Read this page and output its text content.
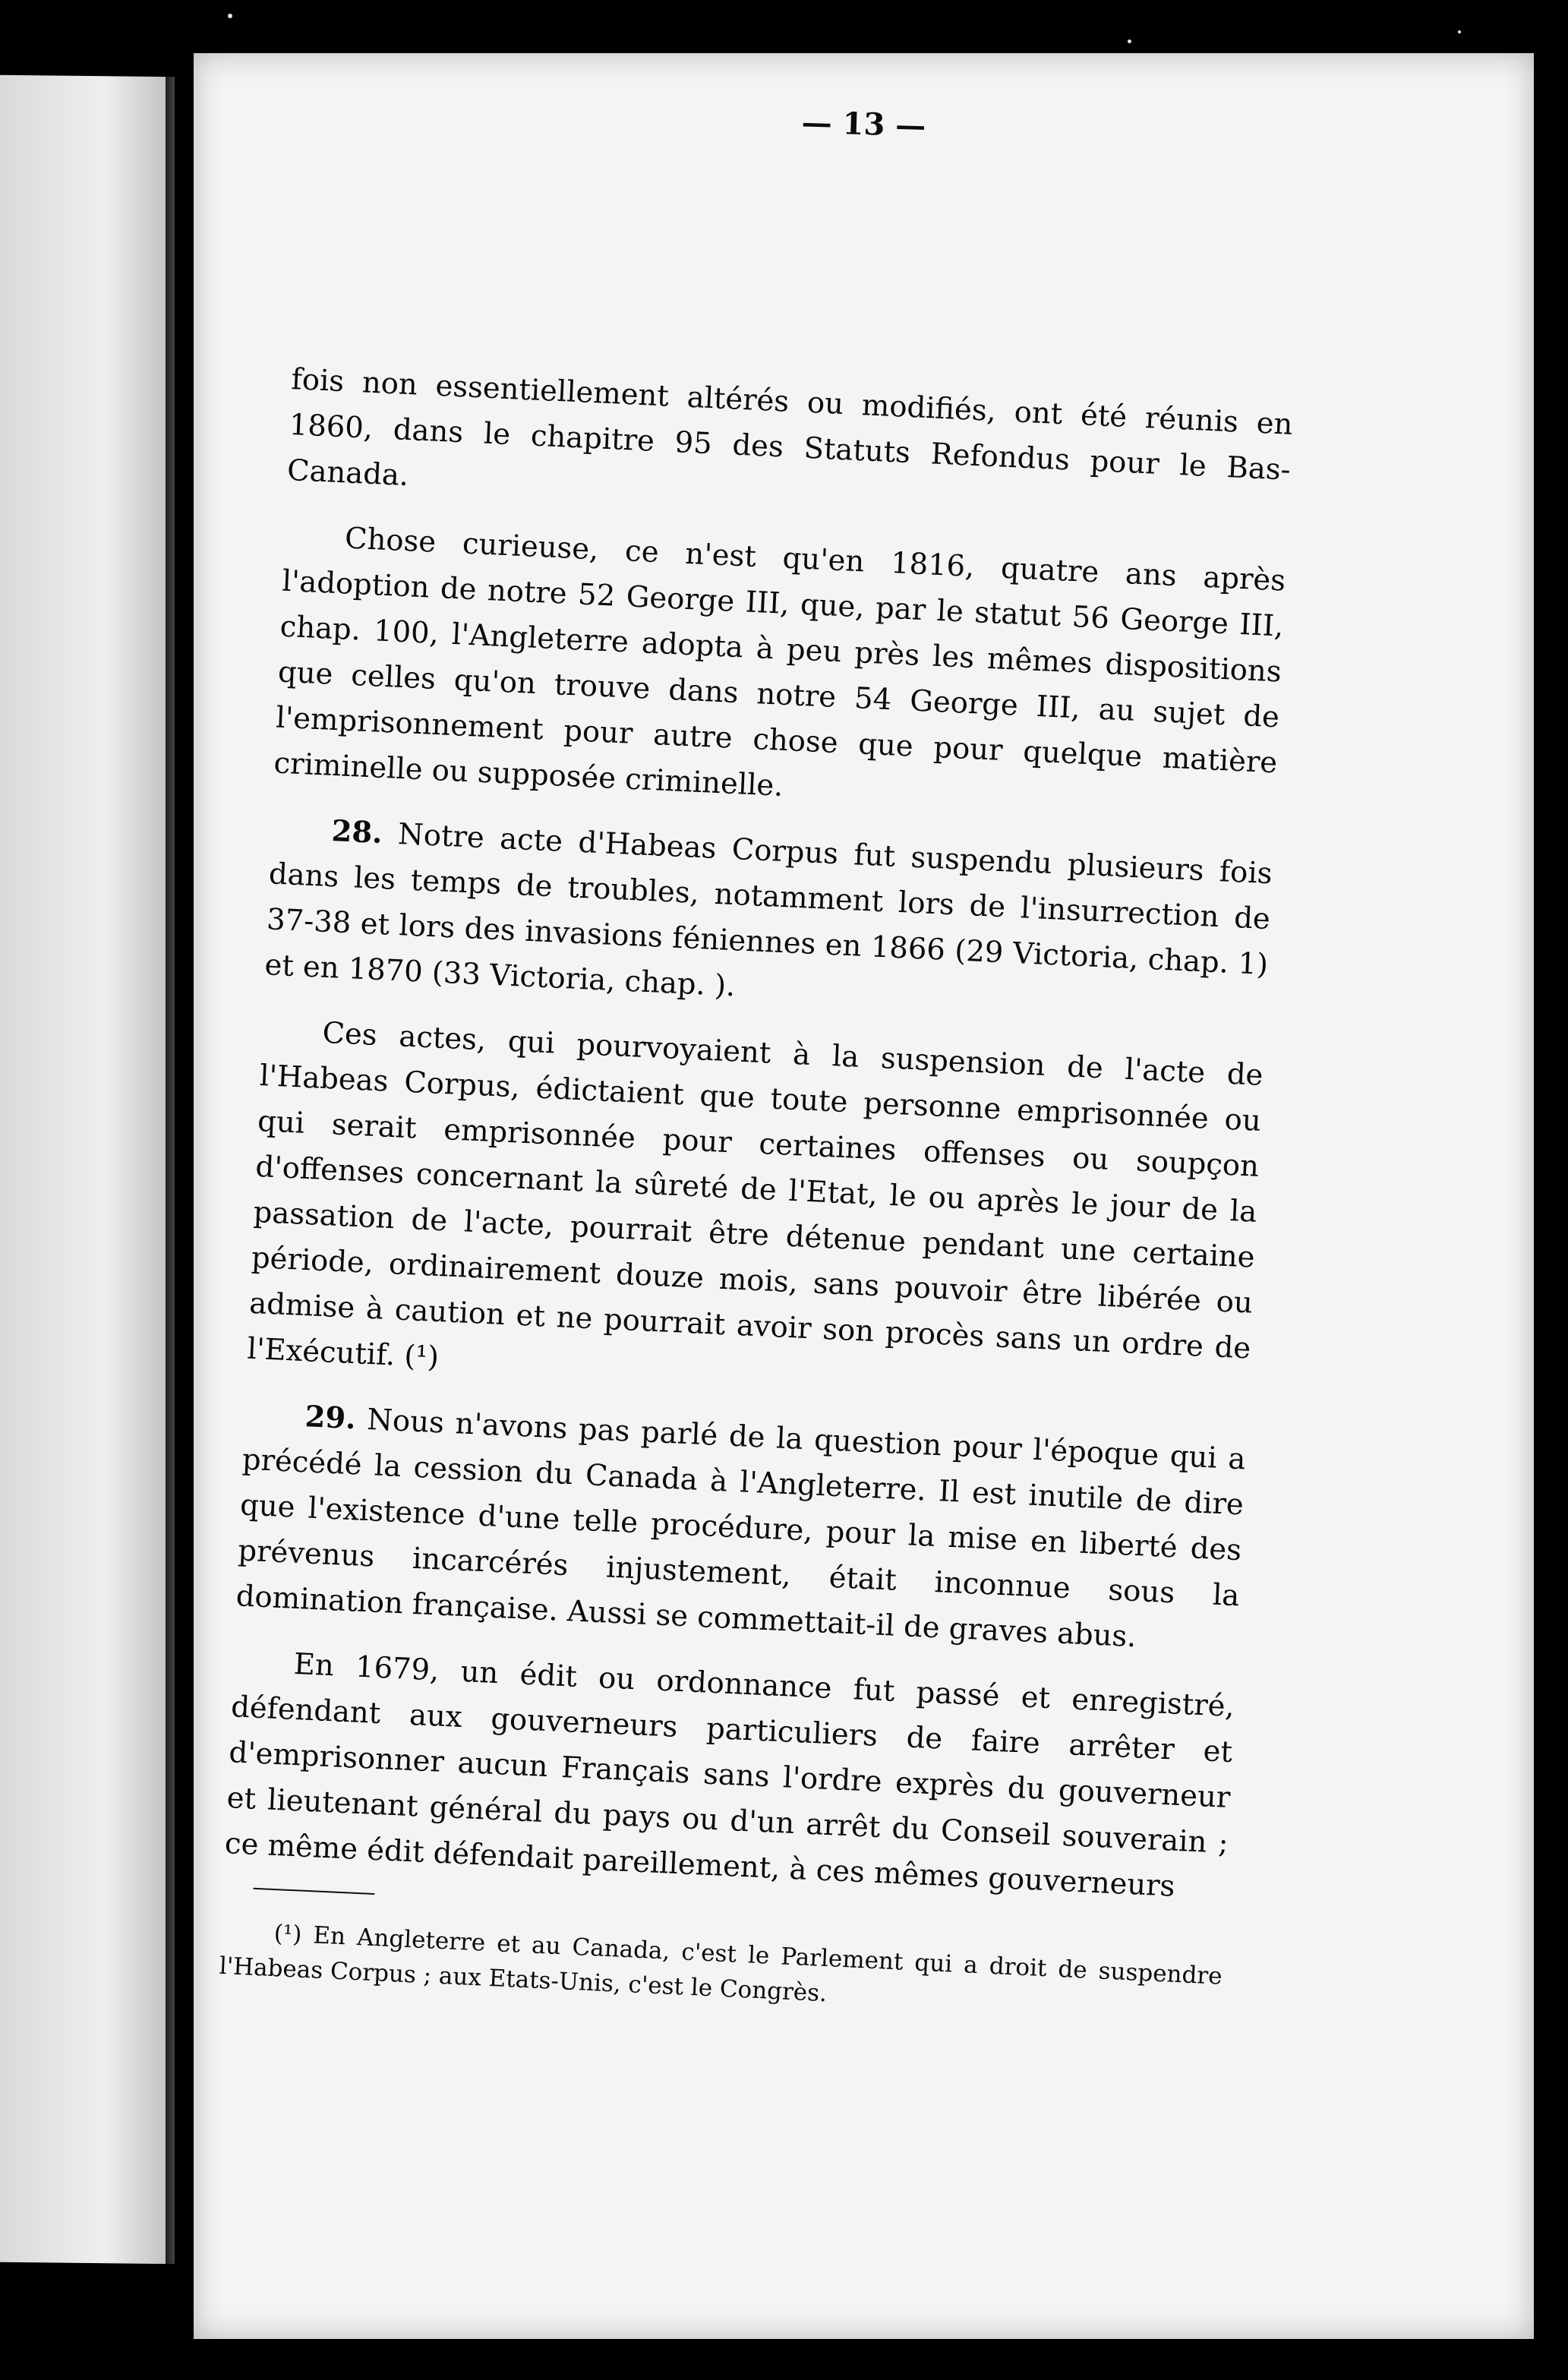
— 13 —

fois non essentiellement altérés ou modifiés, ont été réunis en 1860, dans le chapitre 95 des Statuts Refondus pour le Bas-Canada.

Chose curieuse, ce n'est qu'en 1816, quatre ans après l'adoption de notre 52 George III, que, par le statut 56 George III, chap. 100, l'Angleterre adopta à peu près les mêmes dispositions que celles qu'on trouve dans notre 54 George III, au sujet de l'emprisonnement pour autre chose que pour quelque matière criminelle ou supposée criminelle.

28. Notre acte d'Habeas Corpus fut suspendu plusieurs fois dans les temps de troubles, notamment lors de l'insurrection de 37-38 et lors des invasions féniennes en 1866 (29 Victoria, chap. 1) et en 1870 (33 Victoria, chap. ).

Ces actes, qui pourvoyaient à la suspension de l'acte de l'Habeas Corpus, édictaient que toute personne emprisonnée ou qui serait emprisonnée pour certaines offenses ou soupçon d'offenses concernant la sûreté de l'Etat, le ou après le jour de la passation de l'acte, pourrait être détenue pendant une certaine période, ordinairement douze mois, sans pouvoir être libérée ou admise à caution et ne pourrait avoir son procès sans un ordre de l'Exécutif. (¹)

29. Nous n'avons pas parlé de la question pour l'époque qui a précédé la cession du Canada à l'Angleterre. Il est inutile de dire que l'existence d'une telle procédure, pour la mise en liberté des prévenus incarcérés injustement, était inconnue sous la domination française. Aussi se commettait-il de graves abus.

En 1679, un édit ou ordonnance fut passé et enregistré, défendant aux gouverneurs particuliers de faire arrêter et d'emprisonner aucun Français sans l'ordre exprès du gouverneur et lieutenant général du pays ou d'un arrêt du Conseil souverain ; ce même édit défendait pareillement, à ces mêmes gouverneurs

(¹) En Angleterre et au Canada, c'est le Parlement qui a droit de suspendre l'Habeas Corpus ; aux Etats-Unis, c'est le Congrès.
